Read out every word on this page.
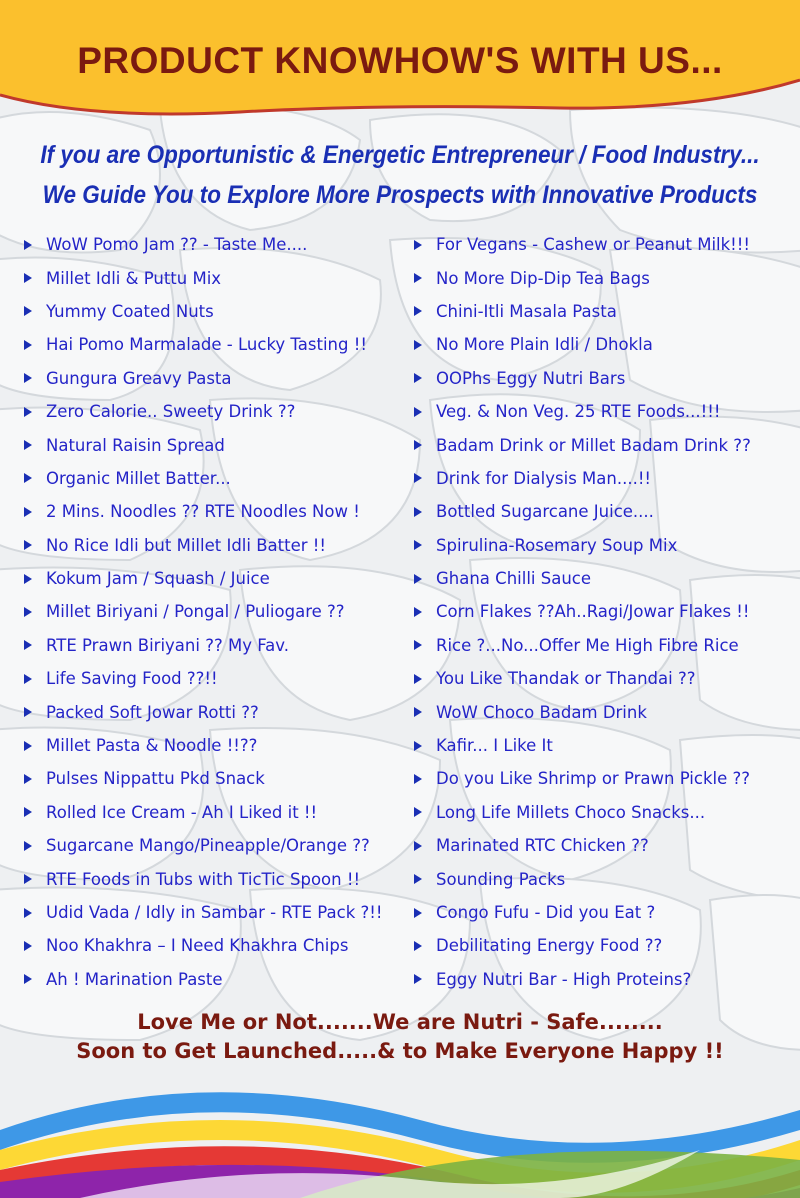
PRODUCT KNOWHOW'S WITH US...

If you are Opportunistic & Energetic Entrepreneur / Food Industry...

We Guide You to Explore More Prospects with Innovative Products

WoW Pomo Jam ?? - Taste Me....
Millet Idli & Puttu Mix
Yummy Coated Nuts
Hai Pomo Marmalade - Lucky Tasting !!
Gungura Greavy Pasta
Zero Calorie.. Sweety Drink ??
Natural Raisin Spread
Organic Millet Batter...
2 Mins. Noodles ?? RTE Noodles Now !
No Rice Idli but Millet Idli Batter !!
Kokum Jam / Squash / Juice
Millet Biriyani / Pongal / Puliogare ??
RTE Prawn Biriyani ?? My Fav.
Life Saving Food ??!!
Packed Soft Jowar Rotti ??
Millet Pasta & Noodle !!??
Pulses Nippattu Pkd Snack
Rolled Ice Cream - Ah I Liked it !!
Sugarcane Mango/Pineapple/Orange ??
RTE Foods in Tubs with TicTic Spoon !!
Udid Vada / Idly in Sambar - RTE Pack ?!!
Noo Khakhra – I Need Khakhra Chips
Ah ! Marination Paste
For Vegans - Cashew or Peanut Milk!!!
No More Dip-Dip Tea Bags
Chini-Itli Masala Pasta
No More Plain Idli / Dhokla
OOPhs Eggy Nutri Bars
Veg. & Non Veg. 25 RTE Foods...!!!
Badam Drink or Millet Badam Drink ??
Drink for Dialysis Man....!!
Bottled Sugarcane Juice....
Spirulina-Rosemary Soup Mix
Ghana Chilli Sauce
Corn Flakes ??Ah..Ragi/Jowar Flakes !!
Rice ?...No...Offer Me High Fibre Rice
You Like Thandak or Thandai ??
WoW Choco Badam Drink
Kafir... I Like It
Do you Like Shrimp or Prawn Pickle ??
Long Life Millets Choco Snacks...
Marinated RTC Chicken ??
Sounding Packs
Congo Fufu - Did you Eat ?
Debilitating Energy Food ??
Eggy Nutri Bar - High Proteins?

Love Me or Not.......We are Nutri - Safe........

Soon to Get Launched.....& to Make Everyone Happy !!
